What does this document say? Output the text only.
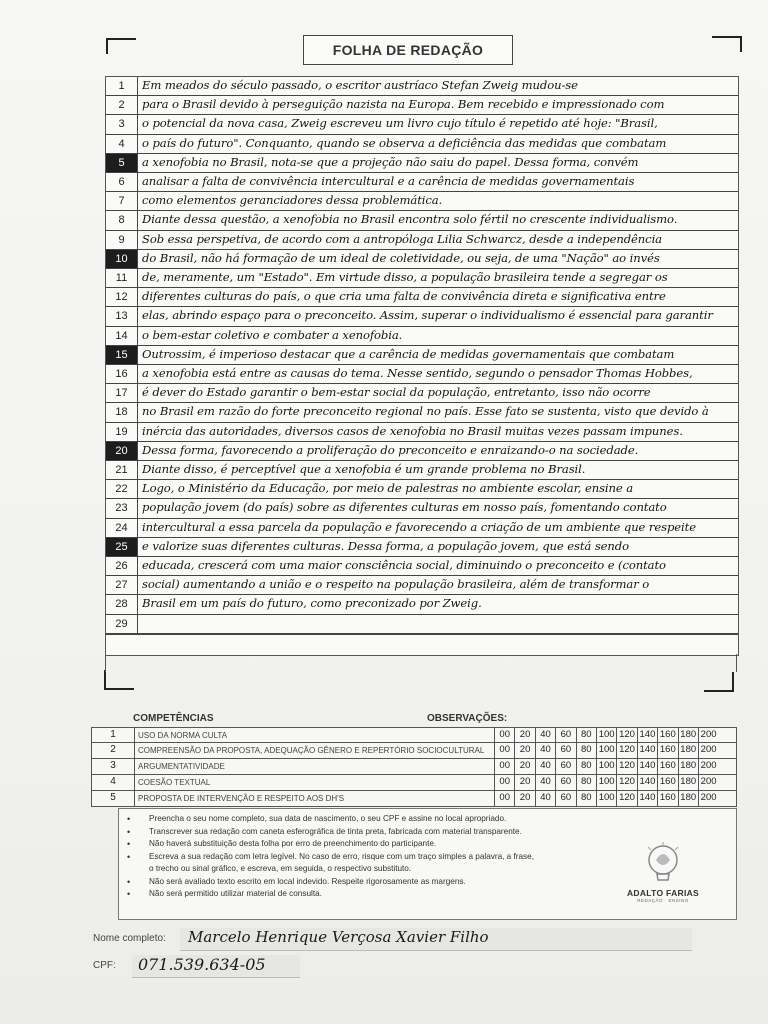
FOLHA DE REDAÇÃO
1	Em meados do século passado, o escritor austríaco Stefan Zweig mudou-se
2	para o Brasil devido à perseguição nazista na Europa. Bem recebido e impressionado com
3	o potencial da nova casa, Zweig escreveu um livro cujo título é repetido até hoje: "Brasil,
4	o país do futuro". Conquanto, quando se observa a deficiência das medidas que combatam
5	a xenofobia no Brasil, nota-se que a projeção não saiu do papel. Dessa forma, convém
6	analisar a falta de convivência intercultural e a carência de medidas governamentais
7	como elementos geranciadores dessa problemática.
8	Diante dessa questão, a xenofobia no Brasil encontra solo fértil no crescente individualismo.
9	Sob essa perspetiva, de acordo com a antropóloga Lilia Schwarcz, desde a independência
10	do Brasil, não há formação de um ideal de coletividade, ou seja, de uma "Nação" ao invés
11	de, meramente, um "Estado". Em virtude disso, a população brasileira tende a segregar os
12	diferentes culturas do país, o que cria uma falta de convivência direta e significativa entre
13	elas, abrindo espaço para o preconceito. Assim, superar o individualismo é essencial para garantir
14	o bem-estar coletivo e combater a xenofobia.
15	Outrossim, é imperioso destacar que a carência de medidas governamentais que combatam
16	a xenofobia está entre as causas do tema. Nesse sentido, segundo o pensador Thomas Hobbes,
17	é dever do Estado garantir o bem-estar social da população, entretanto, isso não ocorre
18	no Brasil em razão do forte preconceito regional no país. Esse fato se sustenta, visto que devido à
19	inércia das autoridades, diversos casos de xenofobia no Brasil muitas vezes passam impunes.
20	Dessa forma, favorecendo a proliferação do preconceito e enraizando-o na sociedade.
21	Diante disso, é perceptível que a xenofobia é um grande problema no Brasil.
22	Logo, o Ministério da Educação, por meio de palestras no ambiente escolar, ensine a
23	população jovem (do país) sobre as diferentes culturas em nosso país, fomentando contato
24	intercultural a essa parcela da população e favorecendo a criação de um ambiente que respeite
25	e valorize suas diferentes culturas. Dessa forma, a população jovem, que está sendo
26	educada, crescerá com uma maior consciência social, diminuindo o preconceito e (contato
27	social) aumentando a união e o respeito na população brasileira, além de transformar o
28	Brasil em um país do futuro, como preconizado por Zweig.
29
COMPETÊNCIAS	OBSERVAÇÕES:
1	USO DA NORMA CULTA	00	20	40	60	80 100 120 140 160 180 200
2	COMPREENSÃO DA PROPOSTA, ADEQUAÇÃO GÊNERO E REPERTÓRIO SOCIOCULTURAL	00	20	40	60	80 100 120 140 160 180 200
3	ARGUMENTATIVIDADE	00	20	40	60	80 100 120 140 160 180 200
4	COESÃO TEXTUAL	00	20	40	60	80 100 120 140 160 180 200
5	PROPOSTA DE INTERVENÇÃO E RESPEITO AOS DH'S	00	20	40	60	80 100 120 140 160 180 200
• Preencha o seu nome completo, sua data de nascimento, o seu CPF e assine no local apropriado.
• Transcrever sua redação com caneta esferográfica de tinta preta, fabricada com material transparente.
• Não haverá substituição desta folha por erro de preenchimento do participante.
• Escreva a sua redação com letra legível. No caso de erro, risque com um traço simples a palavra, a frase,
o trecho ou sinal gráfico, e escreva, em seguida, o respectivo substituto.
• Não será avaliado texto escrito em local indevido. Respeite rigorosamente as margens.
• Não será permitido utilizar material de consulta.	ADALTO FARIAS
REDAÇÃO · ENSINO
Nome completo: Marcelo Henrique Verçosa Xavier Filho
CPF: 071.539.634-05
